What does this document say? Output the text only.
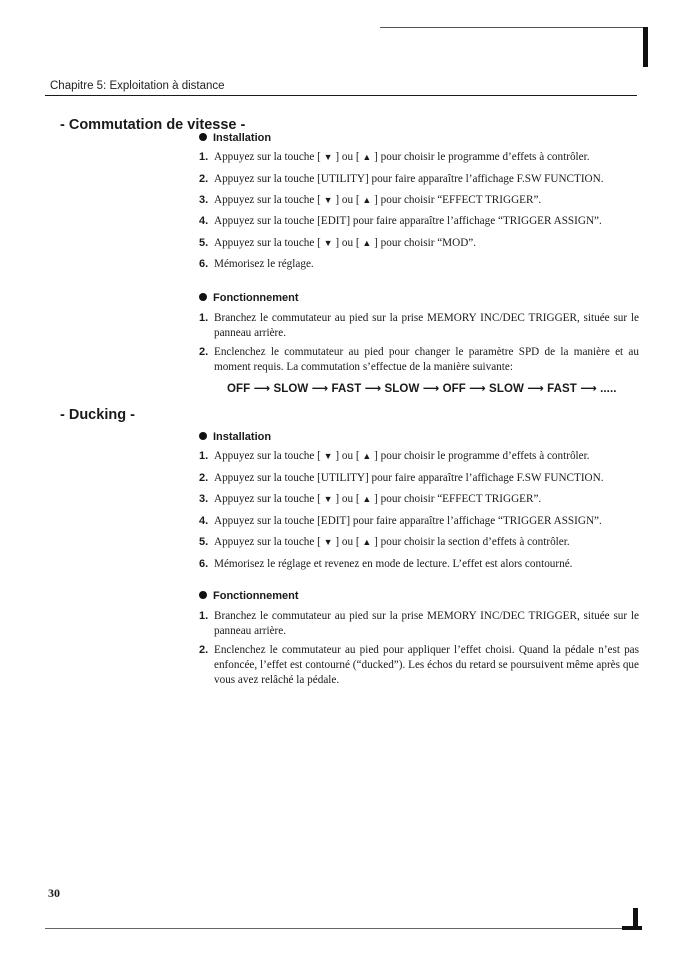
Chapitre 5: Exploitation à distance
- Commutation de vitesse -
Installation
1. Appuyez sur la touche [ ▼ ] ou [ ▲ ] pour choisir le programme d’effets à contrôler.
2. Appuyez sur la touche [UTILITY] pour faire apparaître l’affichage F.SW FUNCTION.
3. Appuyez sur la touche [ ▼ ] ou [ ▲ ] pour choisir “EFFECT TRIGGER”.
4. Appuyez sur la touche [EDIT] pour faire apparaître l’affichage “TRIGGER ASSIGN”.
5. Appuyez sur la touche [ ▼ ] ou [ ▲ ] pour choisir “MOD”.
6. Mémorisez le réglage.
Fonctionnement
1. Branchez le commutateur au pied sur la prise MEMORY INC/DEC TRIGGER, située sur le panneau arrière.
2. Enclenchez le commutateur au pied pour changer le paramètre SPD de la manière et au moment requis. La commutation s’effectue de la manière suivante:
OFF ⟶ SLOW ⟶ FAST ⟶ SLOW ⟶ OFF ⟶ SLOW ⟶ FAST ⟶ .....
- Ducking -
Installation
1. Appuyez sur la touche [ ▼ ] ou [ ▲ ] pour choisir le programme d’effets à contrôler.
2. Appuyez sur la touche [UTILITY] pour faire apparaître l’affichage F.SW FUNCTION.
3. Appuyez sur la touche [ ▼ ] ou [ ▲ ] pour choisir “EFFECT TRIGGER”.
4. Appuyez sur la touche [EDIT] pour faire apparaître l’affichage “TRIGGER ASSIGN”.
5. Appuyez sur la touche [ ▼ ] ou [ ▲ ] pour choisir la section d’effets à contrôler.
6. Mémorisez le réglage et revenez en mode de lecture. L’effet est alors contourné.
Fonctionnement
1. Branchez le commutateur au pied sur la prise MEMORY INC/DEC TRIGGER, située sur le panneau arrière.
2. Enclenchez le commutateur au pied pour appliquer l’effet choisi. Quand la pédale n’est pas enfoncée, l’effet est contourné (“ducked”). Les échos du retard se poursuivent même après que vous avez relâché la pédale.
30
